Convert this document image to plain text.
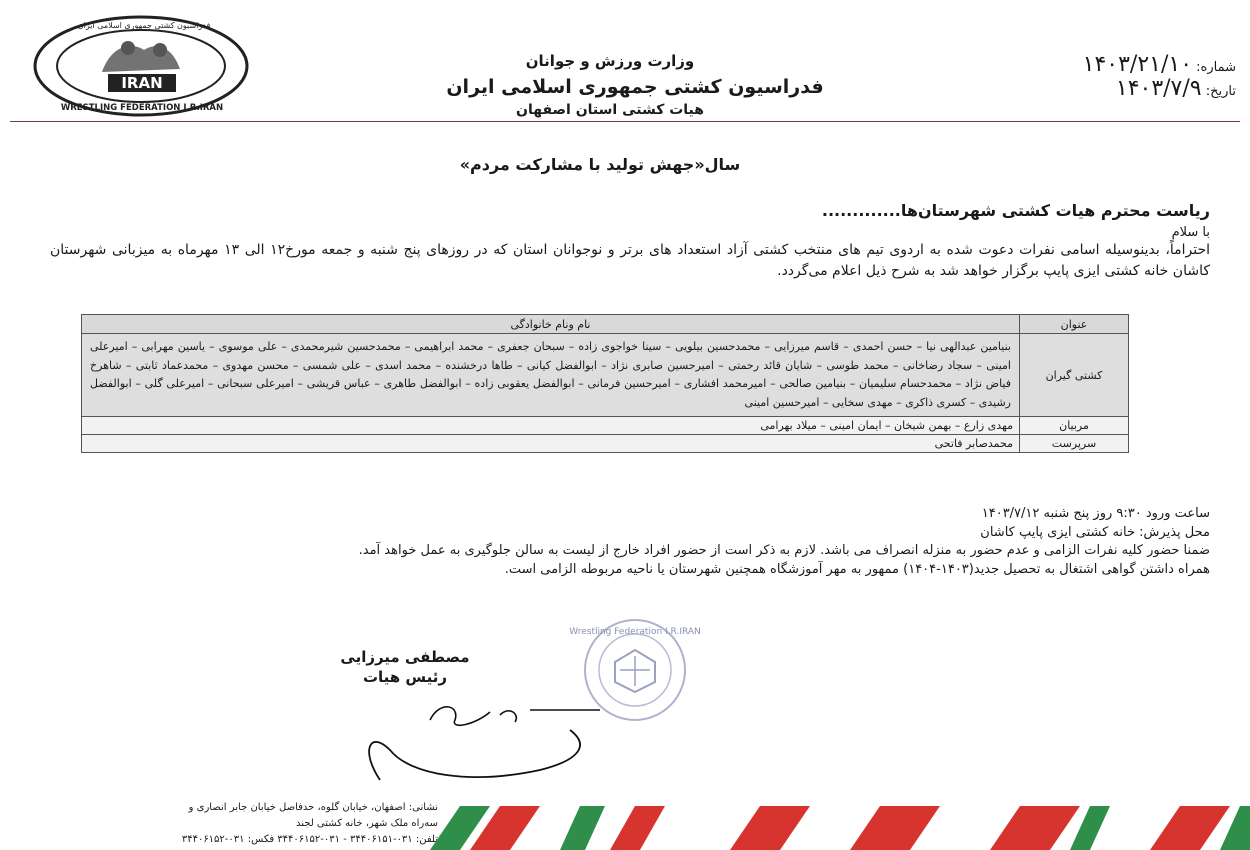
IRAN
WRESTLING FEDERATION I.R.IRAN
فدراسیون کشتی جمهوری اسلامی ایران
وزارت ورزش و جوانان
فدراسیون کشتی جمهوری اسلامی ایران
هیات کشتی استان اصفهان
شماره: ۱۴۰۳/۲۱/۱۰
تاریخ: ۱۴۰۳/۷/۹
سال«جهش تولید با مشارکت مردم»
ریاست محترم هیات کشتی شهرستان‌ها.............
با سلام
احتراماً، بدینوسیله اسامی نفرات دعوت شده به اردوی تیم های منتخب کشتی آزاد استعداد های برتر و نوجوانان استان که در روزهای پنج شنبه و جمعه مورخ۱۲ الی ۱۳ مهرماه به میزبانی شهرستان کاشان خانه کشتی ایزی پایپ برگزار خواهد شد به شرح ذیل اعلام می‌گردد.
عنوان	نام ونام خانوادگی
کشتی گیران	بنیامین عبدالهی نیا – حسن احمدی – قاسم میرزایی – محمدحسین بیلویی – سینا خواجوی زاده – سبحان جعفری – محمد ابراهیمی – محمدحسین شیرمحمدی – علی موسوی – یاسین مهرابی – امیرعلی امینی – سجاد رضاخانی – محمد طوسی – شایان قائد رحمتی – امیرحسین صابری نژاد – ابوالفضل کیانی – طاها درخشنده – محمد اسدی – علی شمسی – محسن مهدوی – محمدعماد ثابتی – شاهرخ فیاض نژاد – محمدحسام سلیمیان – بنیامین صالحی – امیرمحمد افشاری – امیرحسین فرمانی – ابوالفضل یعقوبی زاده – ابوالفضل طاهری – عباس قریشی – امیرعلی سبحانی – امیرعلی گلی – ابوالفضل رشیدی – کسری ذاکری – مهدی سخایی – امیرحسین امینی
مربیان	مهدی زارع – بهمن شیخان – ایمان امینی – میلاد بهرامی
سرپرست	محمدصابر فاتحی
ساعت ورود ۹:۳۰ روز پنج شنبه ۱۴۰۳/۷/۱۲
محل پذیرش: خانه کشتی ایزی پایپ کاشان
ضمنا حضور کلیه نفرات الزامی و عدم حضور به منزله انصراف می باشد. لازم به ذکر است از حضور افراد خارج از لیست به سالن جلوگیری به عمل خواهد آمد.
همراه داشتن گواهی اشتغال به تحصیل جدید(۱۴۰۳-۱۴۰۴) ممهور به مهر آموزشگاه همچنین شهرستان یا ناحیه مربوطه الزامی است.
Wrestling Federation I.R.IRAN
مصطفی میرزایی
رئیس هیات
نشانی: اصفهان، خیابان گلوه، حدفاصل خیابان جابر انصاری و
سه‌راه ملک شهر، خانه کشتی لجند
تلفن: ۰۳۱-۳۴۴۰۶۱۵۱ - ۰۳۱-۳۴۴۰۶۱۵۲ فکس: ۰۳۱-۳۴۴۰۶۱۵۲
